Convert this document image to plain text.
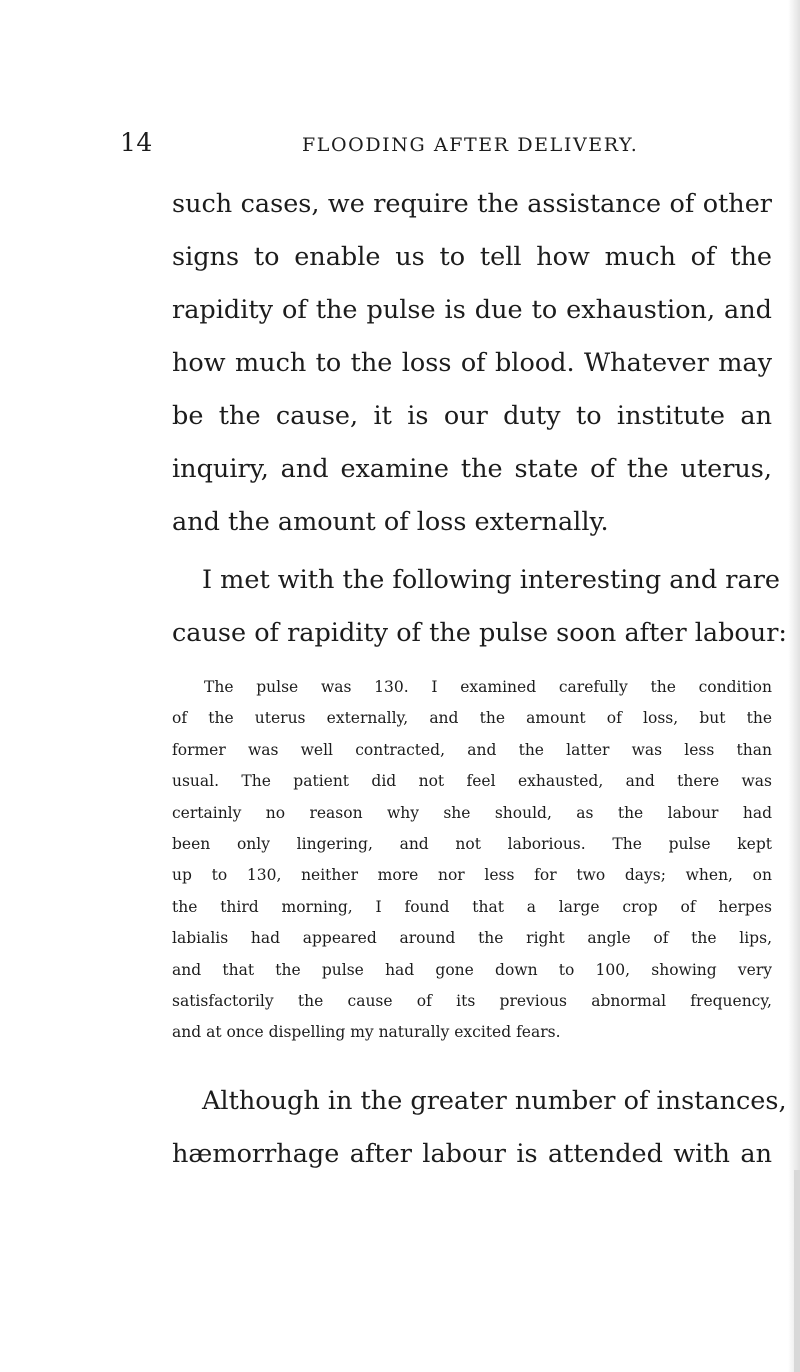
14	FLOODING AFTER DELIVERY.
such cases, we require the assistance of other
signs to enable us to tell how much of the
rapidity of the pulse is due to exhaustion, and
how much to the loss of blood. Whatever may
be the cause, it is our duty to institute an
inquiry, and examine the state of the uterus,
and the amount of loss externally.
I met with the following interesting and rare
cause of rapidity of the pulse soon after labour:
The pulse was 130. I examined carefully the condition
of the uterus externally, and the amount of loss, but the
former was well contracted, and the latter was less than
usual. The patient did not feel exhausted, and there was
certainly no reason why she should, as the labour had
been only lingering, and not laborious. The pulse kept
up to 130, neither more nor less for two days; when, on
the third morning, I found that a large crop of herpes
labialis had appeared around the right angle of the lips,
and that the pulse had gone down to 100, showing very
satisfactorily the cause of its previous abnormal frequency,
and at once dispelling my naturally excited fears.
Although in the greater number of instances,
hæmorrhage after labour is attended with an
